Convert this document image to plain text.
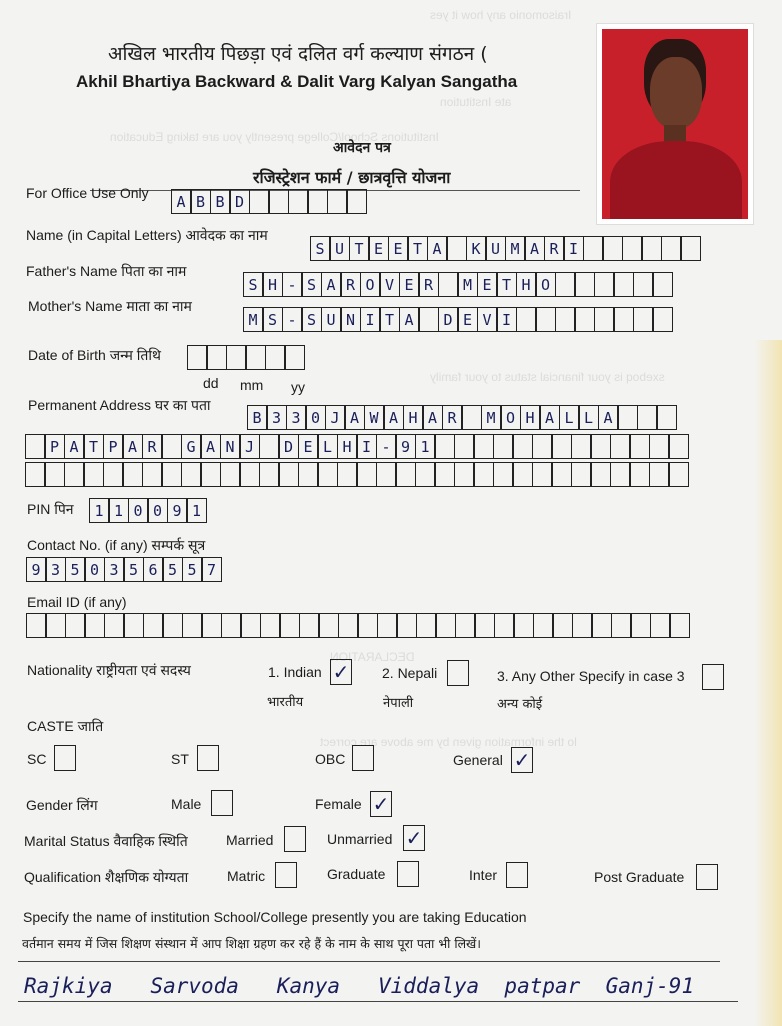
Iraisomonio any how it yes
ate Institution
Institutions School/College presently you are taking Education
sxeboq is your financial status to your family
DECLARATION
lo the information given by me above are correct
अखिल भारतीय पिछड़ा एवं दलित वर्ग कल्याण संगठन (
Akhil Bhartiya Backward & Dalit Varg Kalyan Sangatha
आवेदन पत्र
रजिस्ट्रेशन फार्म / छात्रवृत्ति योजना
For Office Use Only	A B B D
Name (in Capital Letters) आवेदक का नाम
S U T E E T A	K U M A R I
Father's Name पिता का नाम
S H - S A R O V E R	M E T H O
Mother's Name माता का नाम
M S - S U N I T A	D E V I
Date of Birth जन्म तिथि
dd mm yy
Permanent Address घर का पता
B 3 3 0 J A W A H A R	M O H A L L A
P A T P A R	G A N J	D E L H I - 9 1
PIN पिन	1 1 0 0 9 1
Contact No. (if any) सम्पर्क सूत्र
9 3 5 0 3 5 6 5 5 7
Email ID (if any)
Nationality राष्ट्रीयता एवं सदस्य	1. Indian ✓
भारतीय
2. Nepali
नेपाली
3. Any Other Specify in case 3
अन्य कोई
CASTE जाति
SC	ST	OBC	General ✓
Gender लिंग	Male	Female ✓
Marital Status वैवाहिक स्थिति	Married	Unmarried ✓
Qualification शैक्षणिक योग्यता	Matric	Graduate	Inter	Post Graduate
Specify the name of institution School/College presently you are taking Education
वर्तमान समय में जिस शिक्षण संस्थान में आप शिक्षा ग्रहण कर रहे हैं के नाम के साथ पूरा पता भी लिखें।
Rajkiya   Sarvoda   Kanya   Viddalya  patpar  Ganj-91
